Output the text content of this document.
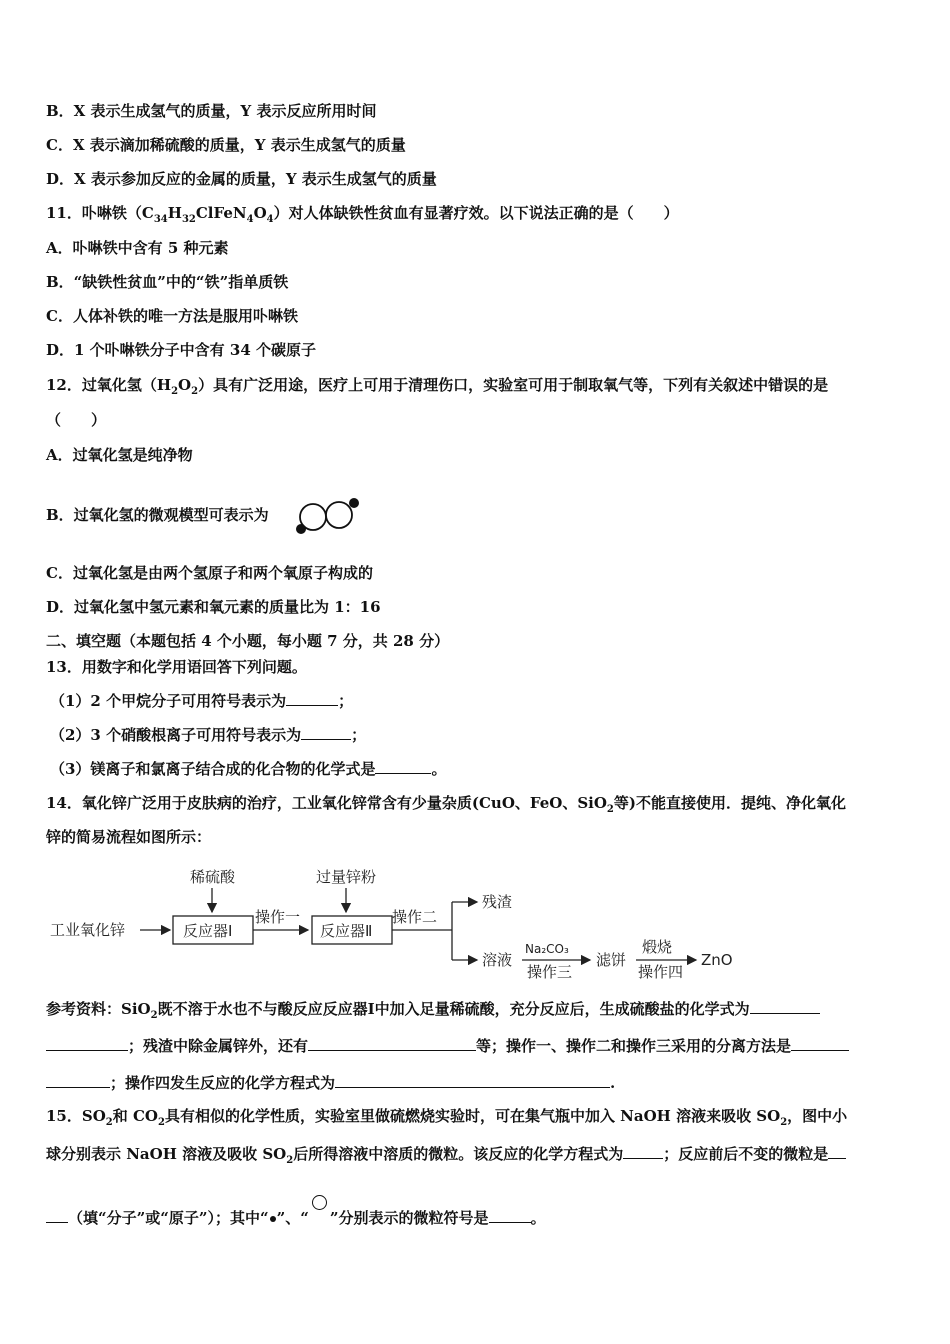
B．X 表示生成氢气的质量，Y 表示反应所用时间
C．X 表示滴加稀硫酸的质量，Y 表示生成氢气的质量
D．X 表示参加反应的金属的质量，Y 表示生成氢气的质量
11．卟啉铁$(C_{34}H_{32}ClFeN_4O_4)$对人体缺铁性贫血有显著疗效。以下说法正确的是（　　）
A．卟啉铁中含有 5 种元素
B．“缺铁性贫血”中的“铁”指单质铁
C．人体补铁的唯一方法是服用卟啉铁
D．1 个卟啉铁分子中含有 34 个碳原子
12．过氧化氢$(H_2O_2)$具有广泛用途，医疗上可用于清理伤口，实验室可用于制取氧气等，下列有关叙述中错误的是
（　　）
A．过氧化氢是纯净物
B．过氧化氢的微观模型可表示为
C．过氧化氢是由两个氢原子和两个氧原子构成的
D．过氧化氢中氢元素和氧元素的质量比为 1：16
二、填空题（本题包括 4 个小题，每小题 7 分，共 28 分）
13．用数字和化学用语回答下列问题。
（1）2 个甲烷分子可用符号表示为	；
（2）3 个硝酸根离子可用符号表示为	；
（3）镁离子和氯离子结合成的化合物的化学式是	。
14．氧化锌广泛用于皮肤病的治疗，工业氧化锌常含有少量杂质(CuO、FeO、SiO$_2$等)不能直接使用．提纯、净化氧化
锌的简易流程如图所示：
工业氧化锌
稀硫酸
反应器Ⅰ
操作一
过量锌粉
反应器Ⅱ
操作二
残渣
溶液
Na₂CO₃
操作三
滤饼
煅烧
操作四
ZnO
参考资料：SiO$_2$既不溶于水也不与酸反应反应器Ⅰ中加入足量稀硫酸，充分反应后，生成硫酸盐的化学式为
；残渣中除金属锌外，还有	等；操作一、操作二和操作三采用的分离方法是
；操作四发生反应的化学方程式为	.
15．$SO_2$和 $CO_2$具有相似的化学性质，实验室里做硫燃烧实验时，可在集气瓶中加入 NaOH 溶液来吸收 $SO_2$，图中小
球分别表示 NaOH 溶液及吸收 $SO_2$后所得溶液中溶质的微粒。该反应的化学方程式为	；反应前后不变的微粒是
（填“分子”或“原子”）；其中“ ”、“ ”分别表示的微粒符号是	。
